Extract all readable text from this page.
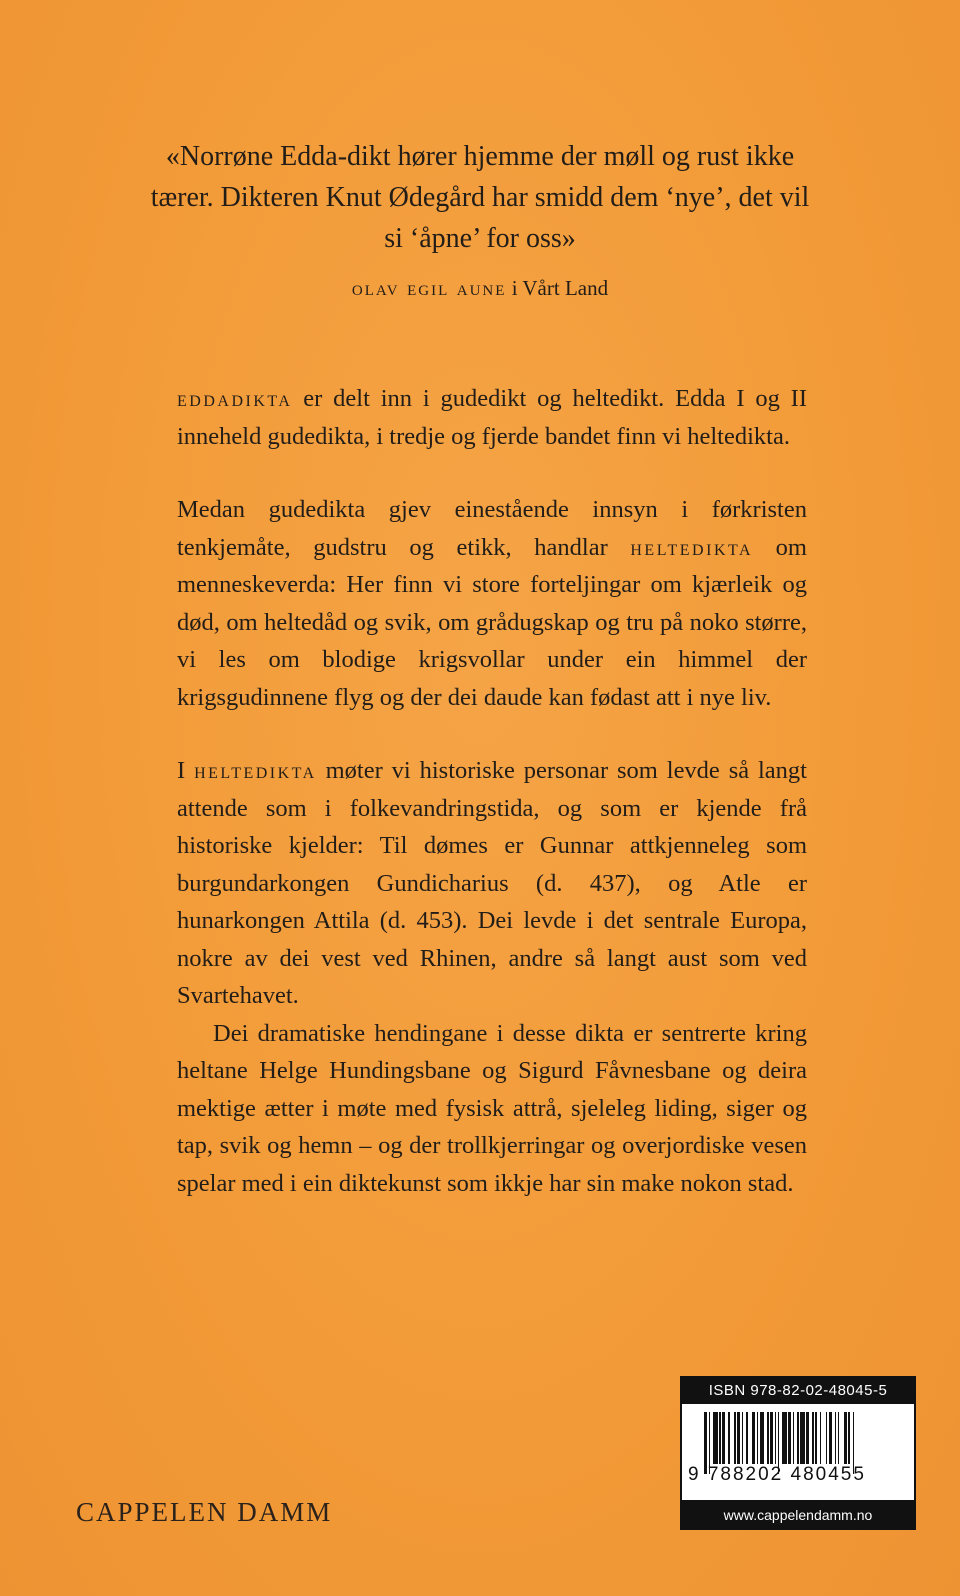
«Norrøne Edda-dikt hører hjemme der møll og rust ikke tærer. Dikteren Knut Ødegård har smidd dem ‘nye’, det vil si ‘åpne’ for oss»

olav egil aune i Vårt Land

eddadikta er delt inn i gudedikt og heltedikt. Edda I og II inneheld gudedikta, i tredje og fjerde bandet finn vi heltedikta.

Medan gudedikta gjev einestående innsyn i førkristen tenkjemåte, gudstru og etikk, handlar heltedikta om menneskeverda: Her finn vi store forteljingar om kjærleik og død, om heltedåd og svik, om grådugskap og tru på noko større, vi les om blodige krigsvollar under ein himmel der krigsgudinnene flyg og der dei daude kan fødast att i nye liv.

I heltedikta møter vi historiske personar som levde så langt attende som i folkevandringstida, og som er kjende frå historiske kjelder: Til dømes er Gunnar attkjenneleg som burgundarkongen Gundicharius (d. 437), og Atle er hunarkongen Attila (d. 453). Dei levde i det sentrale Europa, nokre av dei vest ved Rhinen, andre så langt aust som ved Svartehavet.

Dei dramatiske hendingane i desse dikta er sentrerte kring heltane Helge Hundingsbane og Sigurd Fåvnesbane og deira mektige ætter i møte med fysisk attrå, sjeleleg liding, siger og tap, svik og hemn – og der trollkjerringar og overjordiske vesen spelar med i ein diktekunst som ikkje har sin make nokon stad.

CAPPELEN DAMM
ISBN 978-82-02-48045-5
9 788202 480455
www.cappelendamm.no
